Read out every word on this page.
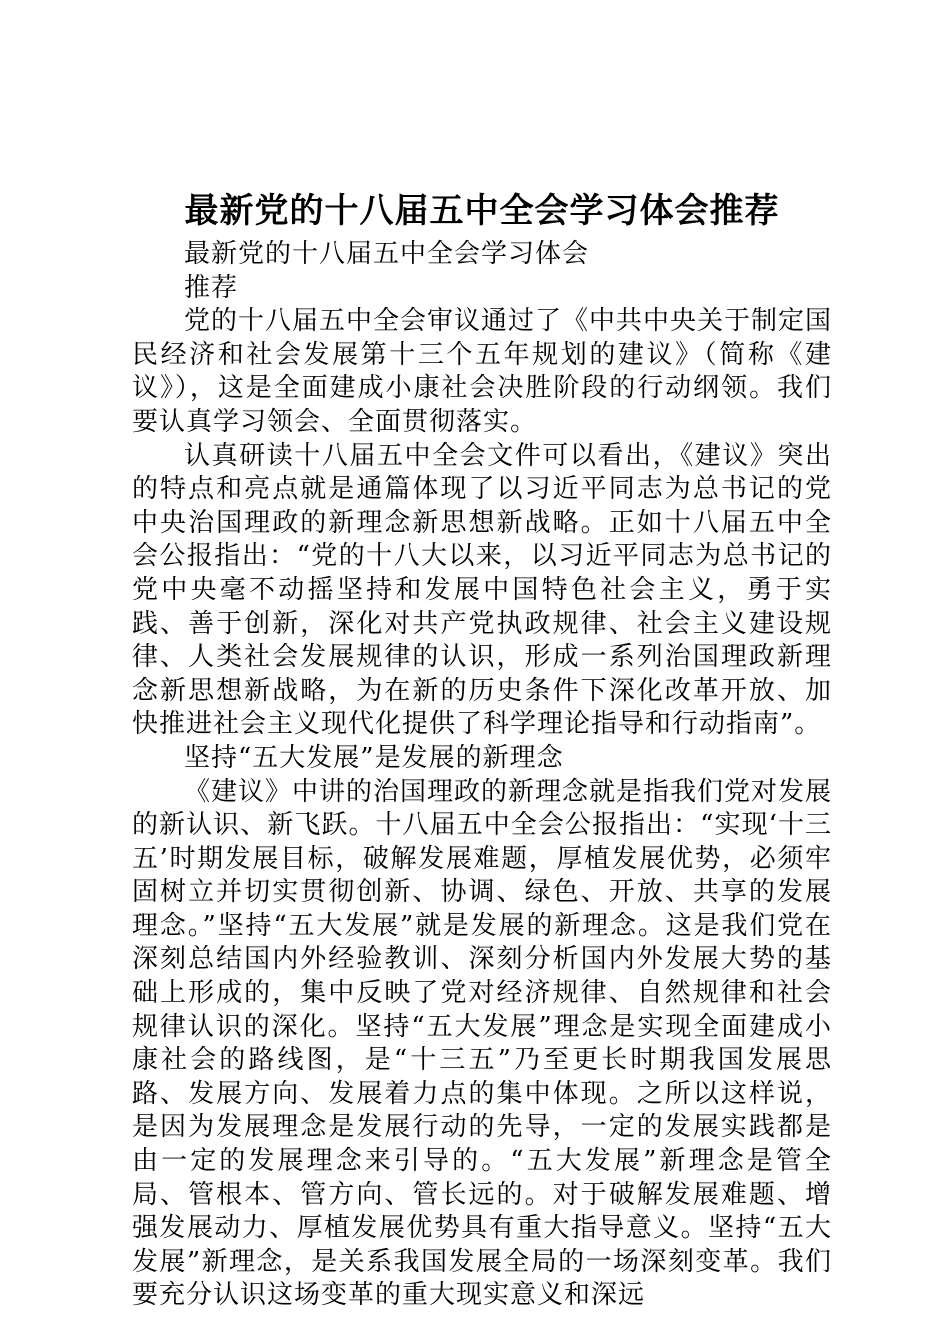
最新党的十八届五中全会学习体会推荐

最新党的十八届五中全会学习体会

推荐

党的十八届五中全会审议通过了《中共中央关于制定国民经济和社会发展第十三个五年规划的建议》（简称《建议》），这是全面建成小康社会决胜阶段的行动纲领。我们要认真学习领会、全面贯彻落实。

认真研读十八届五中全会文件可以看出，《建议》突出的特点和亮点就是通篇体现了以习近平同志为总书记的党中央治国理政的新理念新思想新战略。正如十八届五中全会公报指出：“党的十八大以来，以习近平同志为总书记的党中央毫不动摇坚持和发展中国特色社会主义，勇于实践、善于创新，深化对共产党执政规律、社会主义建设规律、人类社会发展规律的认识，形成一系列治国理政新理念新思想新战略，为在新的历史条件下深化改革开放、加快推进社会主义现代化提供了科学理论指导和行动指南”。

坚持“五大发展”是发展的新理念

《建议》中讲的治国理政的新理念就是指我们党对发展的新认识、新飞跃。十八届五中全会公报指出：“实现‘十三五’时期发展目标，破解发展难题，厚植发展优势，必须牢固树立并切实贯彻创新、协调、绿色、开放、共享的发展理念。”坚持“五大发展”就是发展的新理念。这是我们党在深刻总结国内外经验教训、深刻分析国内外发展大势的基础上形成的，集中反映了党对经济规律、自然规律和社会规律认识的深化。坚持“五大发展”理念是实现全面建成小康社会的路线图，是“十三五”乃至更长时期我国发展思路、发展方向、发展着力点的集中体现。之所以这样说，是因为发展理念是发展行动的先导，一定的发展实践都是由一定的发展理念来引导的。“五大发展”新理念是管全局、管根本、管方向、管长远的。对于破解发展难题、增强发展动力、厚植发展优势具有重大指导意义。坚持“五大发展”新理念，是关系我国发展全局的一场深刻变革。我们要充分认识这场变革的重大现实意义和深远
